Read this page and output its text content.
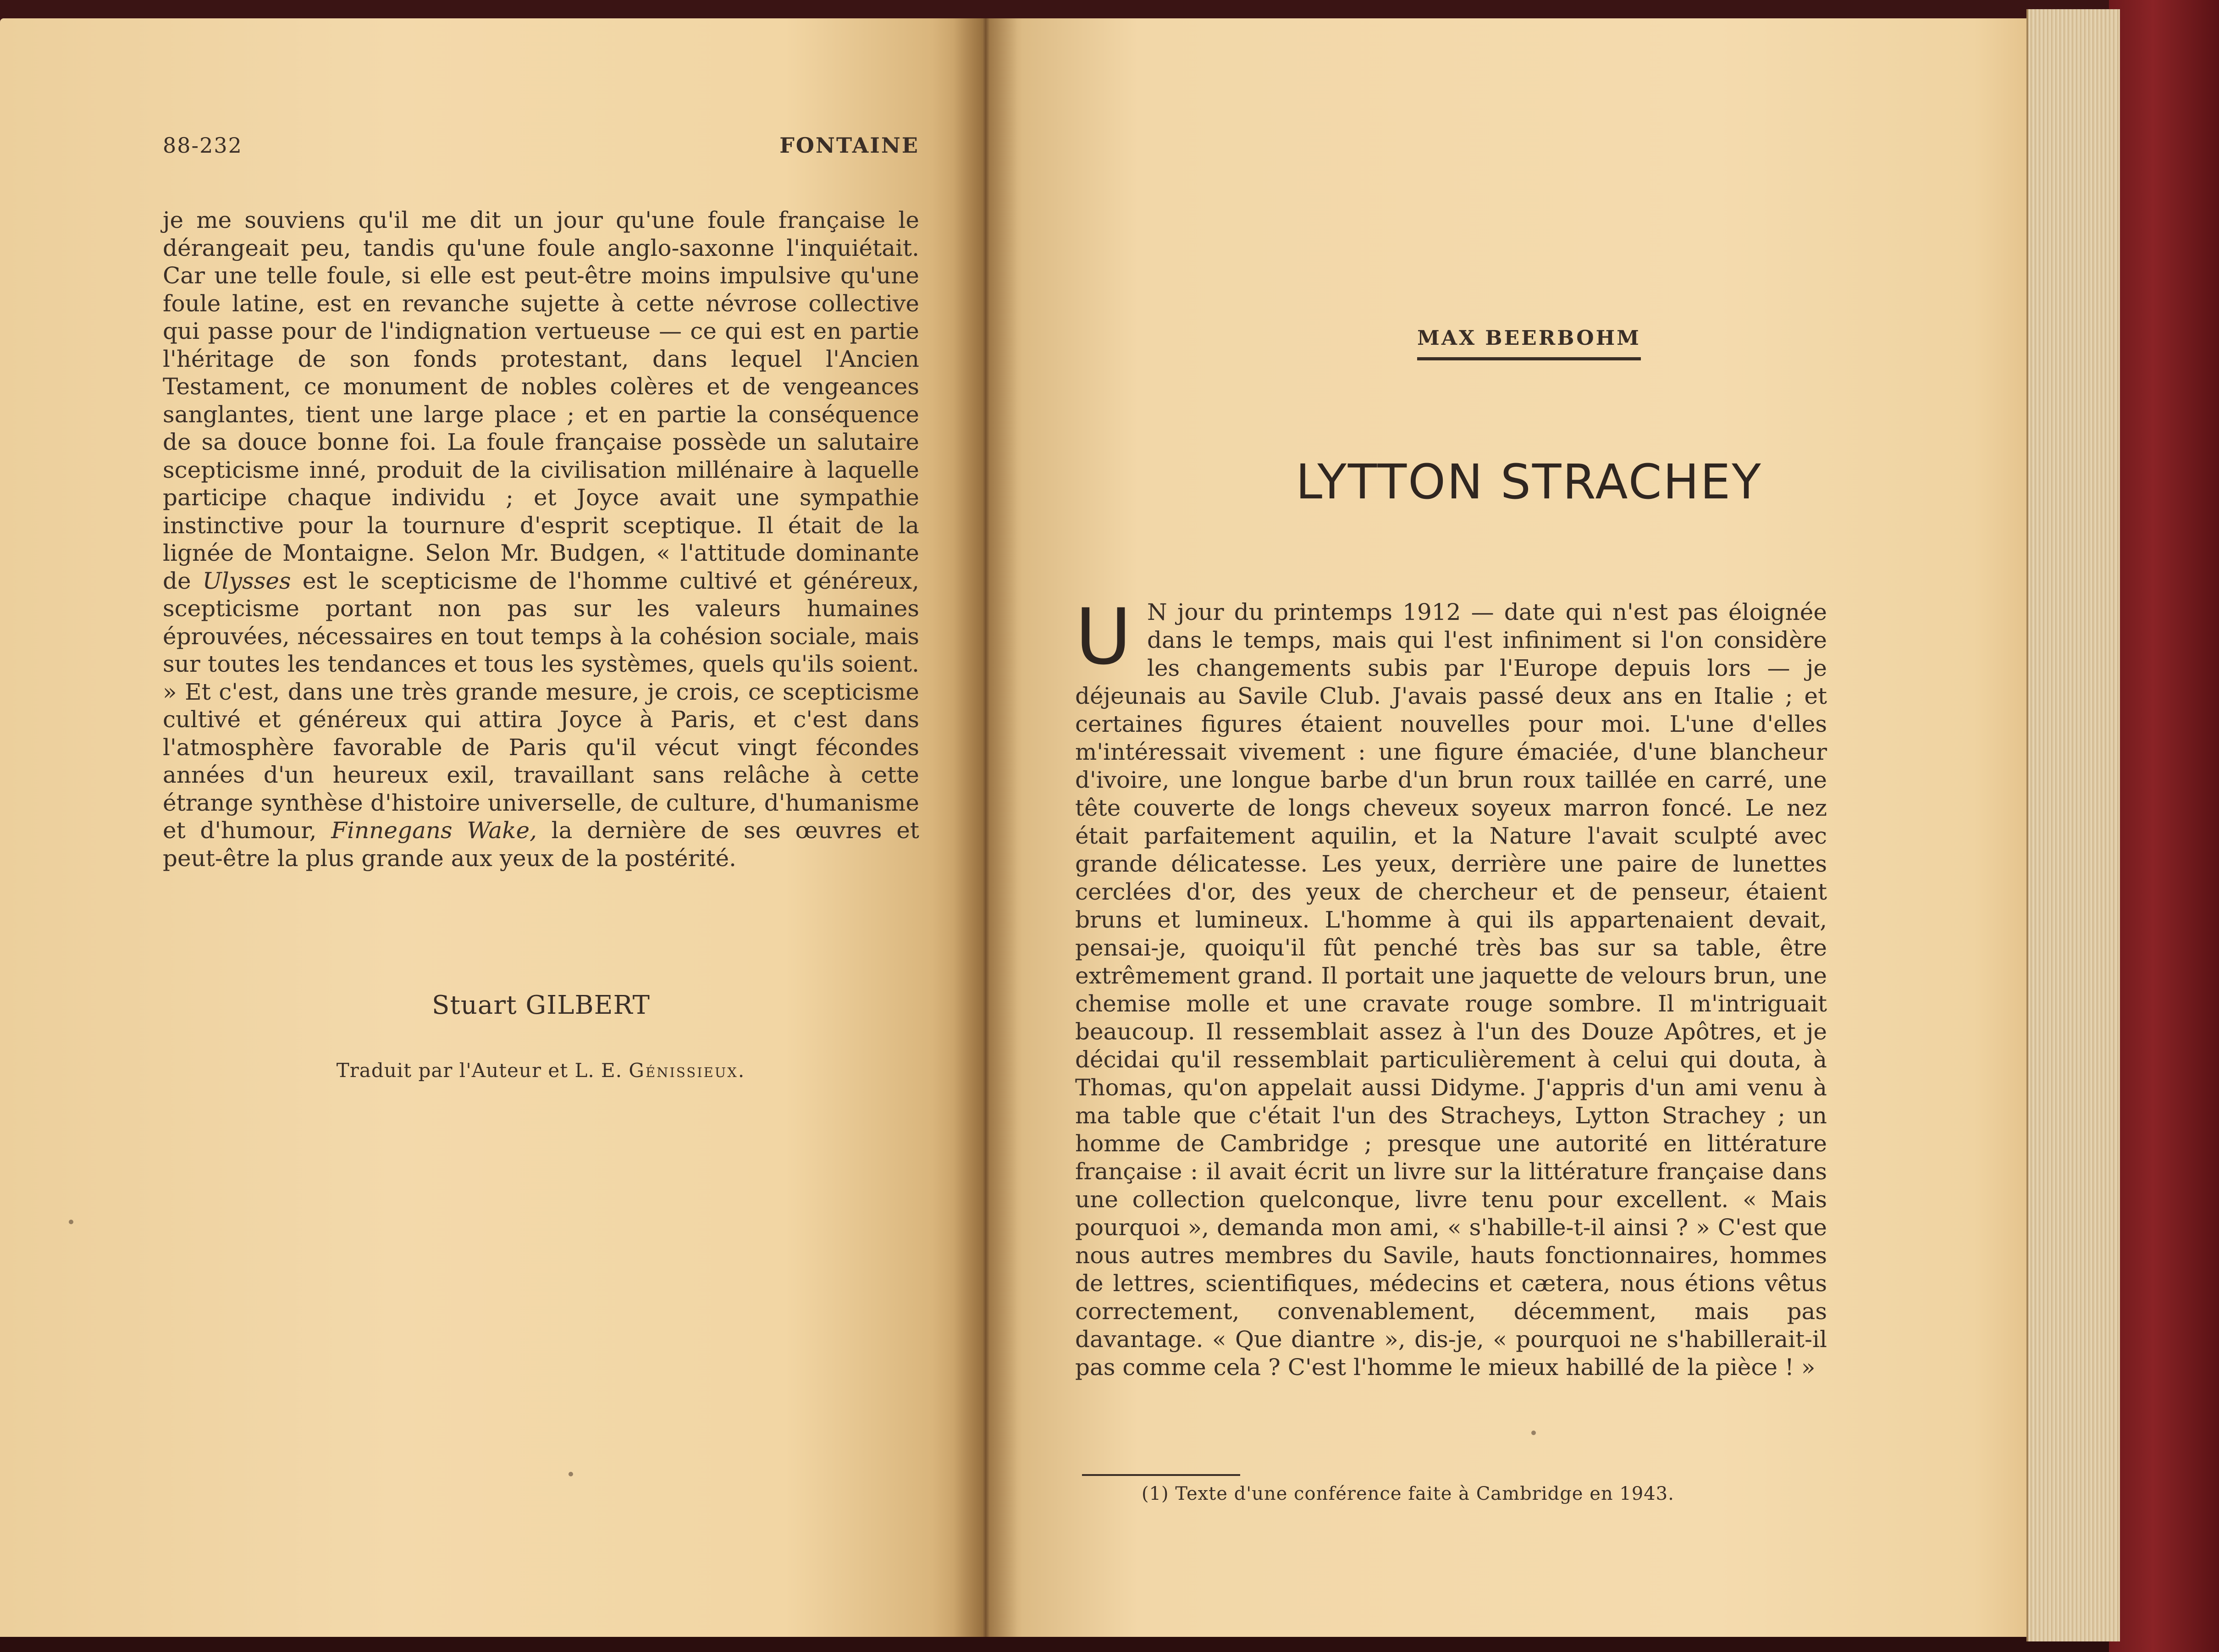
88-232	FONTAINE
je me souviens qu'il me dit un jour qu'une foule française le dérangeait peu, tandis qu'une foule anglo-saxonne l'inquiétait. Car une telle foule, si elle est peut-être moins impulsive qu'une foule latine, est en revanche sujette à cette névrose collective qui passe pour de l'indignation vertueuse — ce qui est en partie l'héritage de son fonds protestant, dans lequel l'Ancien Testament, ce monument de nobles colères et de vengeances sanglantes, tient une large place ; et en partie la conséquence de sa douce bonne foi. La foule française possède un salutaire scepticisme inné, produit de la civilisation millénaire à laquelle participe chaque individu ; et Joyce avait une sympathie instinctive pour la tournure d'esprit sceptique. Il était de la lignée de Montaigne. Selon Mr. Budgen, « l'attitude dominante de Ulysses est le scepticisme de l'homme cultivé et généreux, scepticisme portant non pas sur les valeurs humaines éprouvées, nécessaires en tout temps à la cohésion sociale, mais sur toutes les tendances et tous les systèmes, quels qu'ils soient. » Et c'est, dans une très grande mesure, je crois, ce scepticisme cultivé et généreux qui attira Joyce à Paris, et c'est dans l'atmosphère favorable de Paris qu'il vécut vingt fécondes années d'un heureux exil, travaillant sans relâche à cette étrange synthèse d'histoire universelle, de culture, d'humanisme et d'humour, Finnegans Wake, la dernière de ses œuvres et peut-être la plus grande aux yeux de la postérité.
Stuart GILBERT
Traduit par l'Auteur et L. E. Génissieux.
MAX BEERBOHM
LYTTON STRACHEY
U N jour du printemps 1912 — date qui n'est pas éloignée dans le temps, mais qui l'est infiniment si l'on considère les changements subis par l'Europe depuis lors — je déjeunais au Savile Club. J'avais passé deux ans en Italie ; et certaines figures étaient nouvelles pour moi. L'une d'elles m'intéressait vivement : une figure émaciée, d'une blancheur d'ivoire, une longue barbe d'un brun roux taillée en carré, une tête couverte de longs cheveux soyeux marron foncé. Le nez était parfaitement aquilin, et la Nature l'avait sculpté avec grande délicatesse. Les yeux, derrière une paire de lunettes cerclées d'or, des yeux de chercheur et de penseur, étaient bruns et lumineux. L'homme à qui ils appartenaient devait, pensai-je, quoiqu'il fût penché très bas sur sa table, être extrêmement grand. Il portait une jaquette de velours brun, une chemise molle et une cravate rouge sombre. Il m'intriguait beaucoup. Il ressemblait assez à l'un des Douze Apôtres, et je décidai qu'il ressemblait particulièrement à celui qui douta, à Thomas, qu'on appelait aussi Didyme. J'appris d'un ami venu à ma table que c'était l'un des Stracheys, Lytton Strachey ; un homme de Cambridge ; presque une autorité en littérature française : il avait écrit un livre sur la littérature française dans une collection quelconque, livre tenu pour excellent. « Mais pourquoi », demanda mon ami, « s'habille-t-il ainsi ? » C'est que nous autres membres du Savile, hauts fonctionnaires, hommes de lettres, scientifiques, médecins et cætera, nous étions vêtus correctement, convenablement, décemment, mais pas davantage. « Que diantre », dis-je, « pourquoi ne s'habillerait-il pas comme cela ? C'est l'homme le mieux habillé de la pièce ! »
(1) Texte d'une conférence faite à Cambridge en 1943.
